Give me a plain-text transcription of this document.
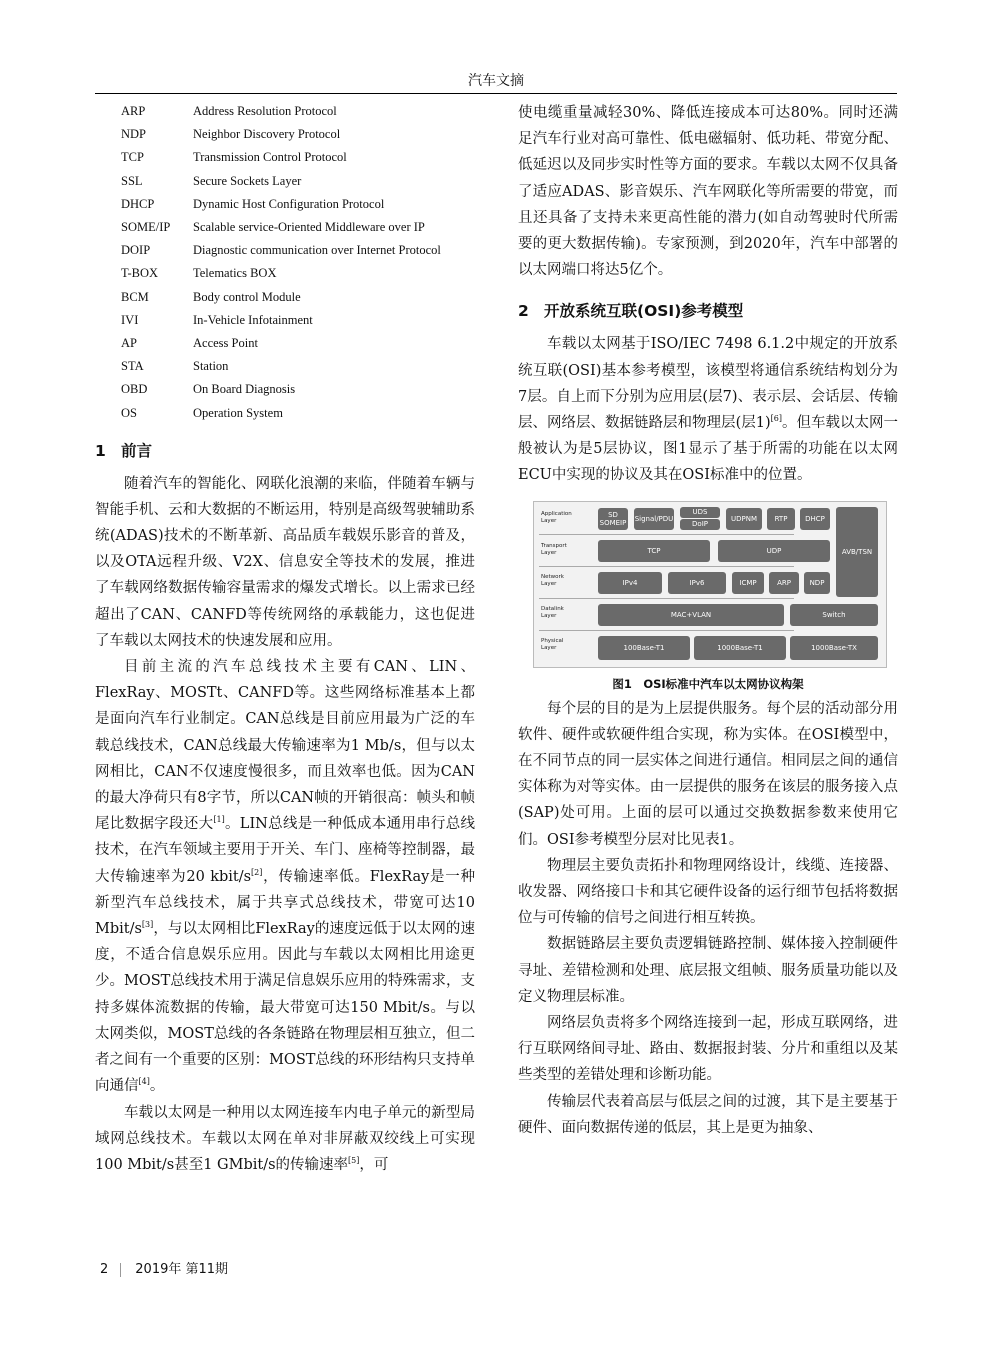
汽车文摘
ARP	Address Resolution Protocol
NDP	Neighbor Discovery Protocol
TCP	Transmission Control Protocol
SSL	Secure Sockets Layer
DHCP	Dynamic Host Configuration Protocol
SOME/IP	Scalable service-Oriented Middleware over IP
DOIP	Diagnostic communication over Internet Protocol
T-BOX	Telematics BOX
BCM	Body control Module
IVI	In-Vehicle Infotainment
AP	Access Point
STA	Station
OBD	On Board Diagnosis
OS	Operation System
1 前言

随着汽车的智能化、网联化浪潮的来临，伴随着车辆与智能手机、云和大数据的不断运用，特别是高级驾驶辅助系统(ADAS)技术的不断革新、高品质车载娱乐影音的普及，以及OTA远程升级、V2X、信息安全等技术的发展，推进了车载网络数据传输容量需求的爆发式增长。以上需求已经超出了CAN、CANFD等传统网络的承载能力，这也促进了车载以太网技术的快速发展和应用。

目前主流的汽车总线技术主要有CAN、LIN、FlexRay、MOSTt、CANFD等。这些网络标准基本上都是面向汽车行业制定。CAN总线是目前应用最为广泛的车载总线技术，CAN总线最大传输速率为1 Mb/s，但与以太网相比，CAN不仅速度慢很多，而且效率也低。因为CAN的最大净荷只有8字节，所以CAN帧的开销很高：帧头和帧尾比数据字段还大[1]。LIN总线是一种低成本通用串行总线技术，在汽车领域主要用于开关、车门、座椅等控制器，最大传输速率为20 kbit/s[2]，传输速率低。FlexRay是一种新型汽车总线技术，属于共享式总线技术，带宽可达10 Mbit/s[3]，与以太网相比FlexRay的速度远低于以太网的速度，不适合信息娱乐应用。因此与车载以太网相比用途更少。MOST总线技术用于满足信息娱乐应用的特殊需求，支持多媒体流数据的传输，最大带宽可达150 Mbit/s。与以太网类似，MOST总线的各条链路在物理层相互独立，但二者之间有一个重要的区别：MOST总线的环形结构只支持单向通信[4]。

车载以太网是一种用以太网连接车内电子单元的新型局域网总线技术。车载以太网在单对非屏蔽双绞线上可实现100 Mbit/s甚至1 GMbit/s的传输速率[5]，可

使电缆重量减轻30%、降低连接成本可达80%。同时还满足汽车行业对高可靠性、低电磁辐射、低功耗、带宽分配、低延迟以及同步实时性等方面的要求。车载以太网不仅具备了适应ADAS、影音娱乐、汽车网联化等所需要的带宽，而且还具备了支持未来更高性能的潜力(如自动驾驶时代所需要的更大数据传输)。专家预测，到2020年，汽车中部署的以太网端口将达5亿个。

2 开放系统互联(OSI)参考模型

车载以太网基于ISO/IEC 7498 6.1.2中规定的开放系统互联(OSI)基本参考模型，该模型将通信系统结构划分为7层。自上而下分别为应用层(层7)、表示层、会话层、传输层、网络层、数据链路层和物理层(层1)[6]。但车载以太网一般被认为是5层协议，图1显示了基于所需的功能在以太网ECU中实现的协议及其在OSI标准中的位置。

Application Layer
Transport Layer
Network Layer
Datalink Layer
Physical Layer
SD SOMEIP Signal/PDU
UDS
DoIP
UDPNM	RTP	DHCP
AVB/TSN
TCP	UDP
IPv4	IPv6	ICMP	ARP	NDP
MAC+VLAN	Switch
100Base-T1	1000Base-T1	1000Base-TX
图1　OSI标准中汽车以太网协议构架

每个层的目的是为上层提供服务。每个层的活动部分用软件、硬件或软硬件组合实现，称为实体。在OSI模型中，在不同节点的同一层实体之间进行通信。相同层之间的通信实体称为对等实体。由一层提供的服务在该层的服务接入点(SAP)处可用。上面的层可以通过交换数据参数来使用它们。OSI参考模型分层对比见表1。

物理层主要负责拓扑和物理网络设计，线缆、连接器、收发器、网络接口卡和其它硬件设备的运行细节包括将数据位与可传输的信号之间进行相互转换。

数据链路层主要负责逻辑链路控制、媒体接入控制硬件寻址、差错检测和处理、底层报文组帧、服务质量功能以及定义物理层标准。

网络层负责将多个网络连接到一起，形成互联网络，进行互联网络间寻址、路由、数据报封装、分片和重组以及某些类型的差错处理和诊断功能。

传输层代表着高层与低层之间的过渡，其下是主要基于硬件、面向数据传递的低层，其上是更为抽象、

2 2019年 第11期
